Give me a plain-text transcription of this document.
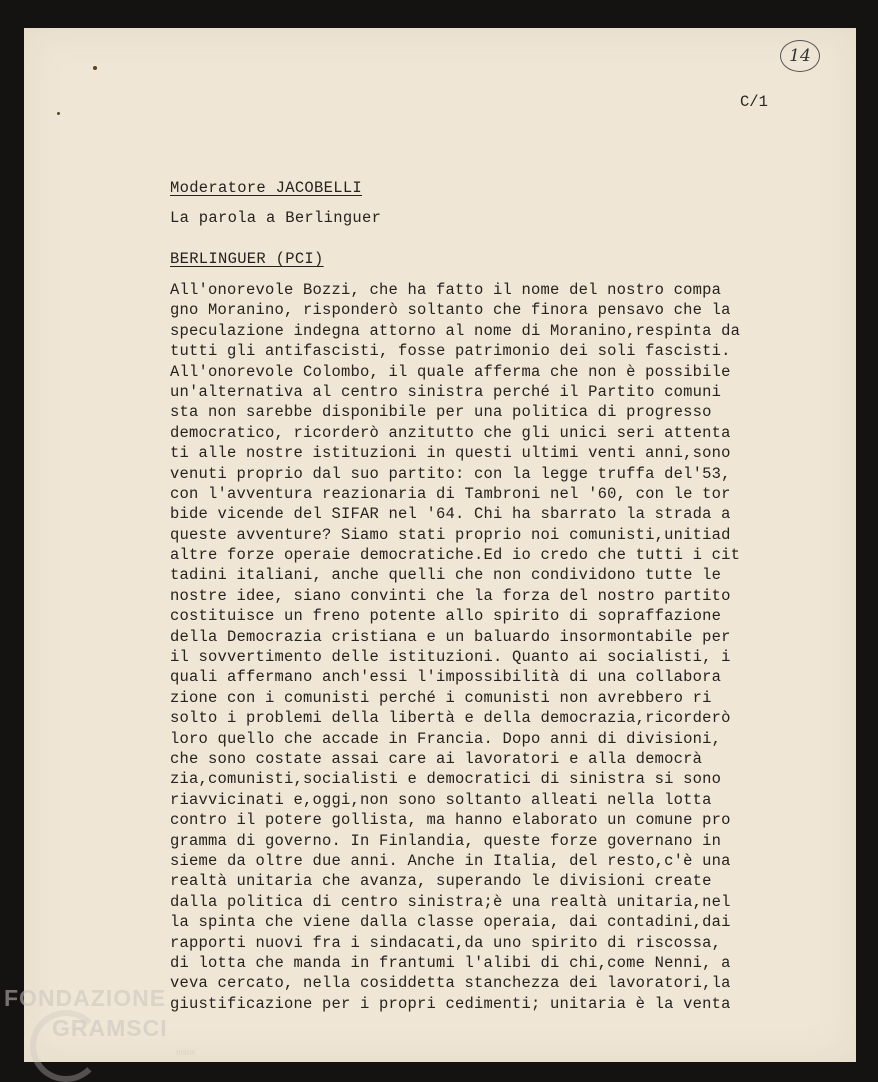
14
C/1
Moderatore JACOBELLI
La parola a Berlinguer
BERLINGUER (PCI)
All'onorevole Bozzi, che ha fatto il nome del nostro compa
gno Moranino, risponderò soltanto che finora pensavo che la
speculazione indegna attorno al nome di Moranino,respinta da
tutti gli antifascisti, fosse patrimonio dei soli fascisti.
All'onorevole Colombo, il quale afferma che non è possibile
un'alternativa al centro sinistra perché il Partito comuni
sta non sarebbe disponibile per una politica di progresso
democratico, ricorderò anzitutto che gli unici seri attenta
ti alle nostre istituzioni in questi ultimi venti anni,sono
venuti proprio dal suo partito: con la legge truffa del'53,
con l'avventura reazionaria di Tambroni nel '60, con le tor
bide vicende del SIFAR nel '64. Chi ha sbarrato la strada a
queste avventure? Siamo stati proprio noi comunisti,unitiad
altre forze operaie democratiche.Ed io credo che tutti i cit
tadini italiani, anche quelli che non condividono tutte le
nostre idee, siano convinti che la forza del nostro partito
costituisce un freno potente allo spirito di sopraffazione
della Democrazia cristiana e un baluardo insormontabile per
il sovvertimento delle istituzioni. Quanto ai socialisti, i
quali affermano anch'essi l'impossibilità di una collabora
zione con i comunisti perché i comunisti non avrebbero ri
solto i problemi della libertà e della democrazia,ricorderò
loro quello che accade in Francia. Dopo anni di divisioni,
che sono costate assai care ai lavoratori e alla democrà
zia,comunisti,socialisti e democratici di sinistra si sono
riavvicinati e,oggi,non sono soltanto alleati nella lotta
contro il potere gollista, ma hanno elaborato un comune pro
gramma di governo. In Finlandia, queste forze governano in
sieme da oltre due anni. Anche in Italia, del resto,c'è una
realtà unitaria che avanza, superando le divisioni create
dalla politica di centro sinistra;è una realtà unitaria,nel
la spinta che viene dalla classe operaia, dai contadini,dai
rapporti nuovi fra i sindacati,da uno spirito di riscossa,
di lotta che manda in frantumi l'alibi di chi,come Nenni, a
veva cercato, nella cosiddetta stanchezza dei lavoratori,la
giustificazione per i propri cedimenti; unitaria è la venta
FONDAZIONE
GRAMSCI
onlus
